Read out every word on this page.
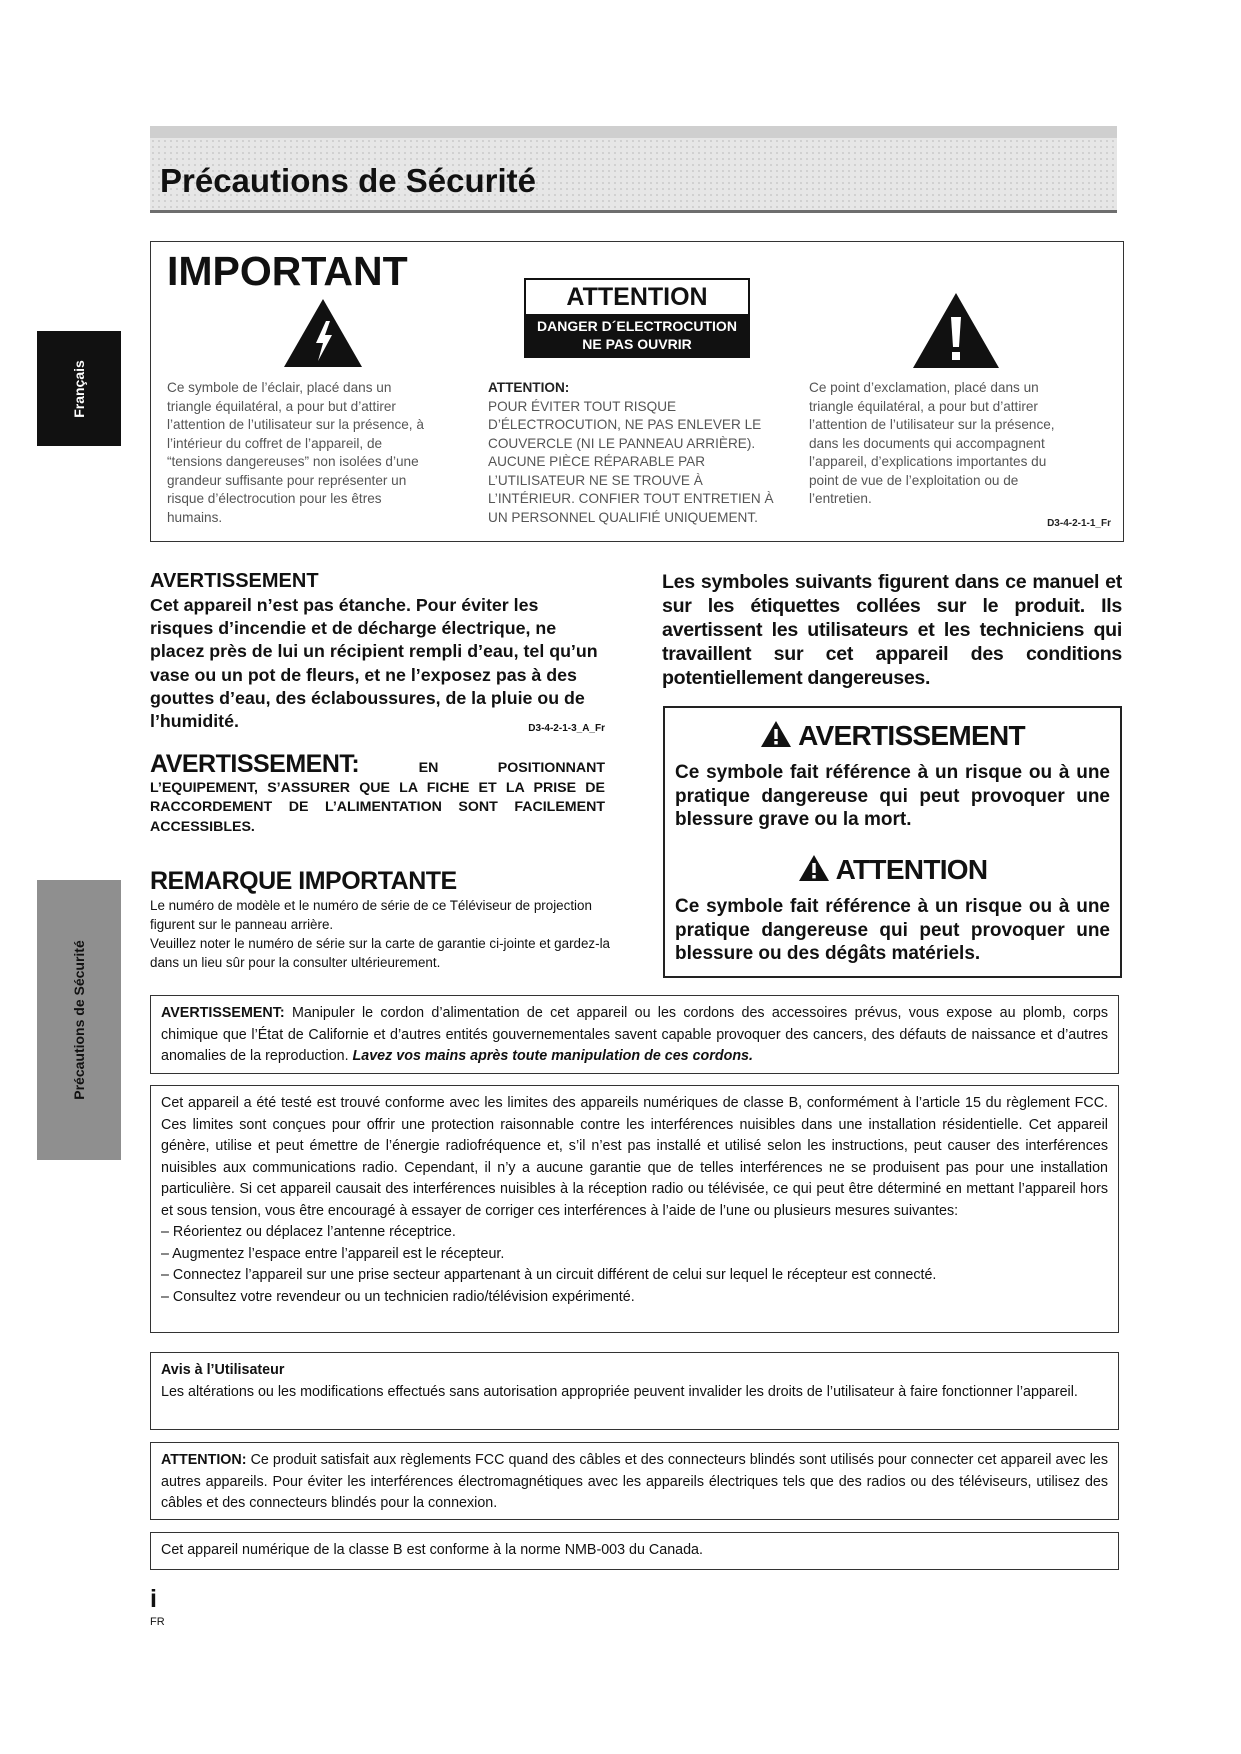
Français
Précautions de Sécurité
Précautions de Sécurité
IMPORTANT
ATTENTION
DANGER D´ELECTROCUTION
NE PAS OUVRIR
Ce symbole de l’éclair, placé dans un
triangle équilatéral, a pour but d’attirer
l’attention de l’utilisateur sur la présence, à
l’intérieur du coffret de l’appareil, de
“tensions dangereuses” non isolées d’une
grandeur suffisante pour représenter un
risque d’électrocution pour les êtres
humains.
ATTENTION:
POUR ÉVITER TOUT RISQUE
D’ÉLECTROCUTION, NE PAS ENLEVER LE
COUVERCLE (NI LE PANNEAU ARRIÈRE).
AUCUNE PIÈCE RÉPARABLE PAR
L’UTILISATEUR NE SE TROUVE À
L’INTÉRIEUR. CONFIER TOUT ENTRETIEN À
UN PERSONNEL QUALIFIÉ UNIQUEMENT.
Ce point d’exclamation, placé dans un
triangle équilatéral, a pour but d’attirer
l’attention de l’utilisateur sur la présence,
dans les documents qui accompagnent
l’appareil, d’explications importantes du
point de vue de l’exploitation ou de
l’entretien.
D3-4-2-1-1_Fr
AVERTISSEMENT
Cet appareil n’est pas étanche. Pour éviter les risques d’incendie et de décharge électrique, ne placez près de lui un récipient rempli d’eau, tel qu’un vase ou un pot de fleurs, et ne l’exposez pas à des gouttes d’eau, des éclaboussures, de la pluie ou de l’humidité.	D3-4-2-1-3_A_Fr
AVERTISSEMENT: EN POSITIONNANT L’EQUIPEMENT, S’ASSURER QUE LA FICHE ET LA PRISE DE RACCORDEMENT DE L’ALIMENTATION SONT FACILEMENT ACCESSIBLES.
REMARQUE IMPORTANTE
Le numéro de modèle et le numéro de série de ce Téléviseur de projection figurent sur le panneau arrière.
Veuillez noter le numéro de série sur la carte de garantie ci-jointe et gardez-la dans un lieu sûr pour la consulter ultérieurement.
Les symboles suivants figurent dans ce manuel et sur les étiquettes collées sur le produit. Ils avertissent les utilisateurs et les techniciens qui travaillent sur cet appareil des conditions potentiellement dangereuses.
AVERTISSEMENT
Ce symbole fait référence à un risque ou à une pratique dangereuse qui peut provoquer une blessure grave ou la mort.
ATTENTION
Ce symbole fait référence à un risque ou à une pratique dangereuse qui peut provoquer une blessure ou des dégâts matériels.

AVERTISSEMENT: Manipuler le cordon d’alimentation de cet appareil ou les cordons des accessoires prévus, vous expose au plomb, corps chimique que l’État de Californie et d’autres entités gouvernementales savent capable provoquer des cancers, des défauts de naissance et d’autres anomalies de la reproduction. Lavez vos mains après toute manipulation de ces cordons.

Cet appareil a été testé est trouvé conforme avec les limites des appareils numériques de classe B, conformément à l’article 15 du règlement FCC. Ces limites sont conçues pour offrir une protection raisonnable contre les interférences nuisibles dans une installation résidentielle. Cet appareil génère, utilise et peut émettre de l’énergie radiofréquence et, s’il n’est pas installé et utilisé selon les instructions, peut causer des interférences nuisibles aux communications radio. Cependant, il n’y a aucune garantie que de telles interférences ne se produisent pas pour une installation particulière. Si cet appareil causait des interférences nuisibles à la réception radio ou télévisée, ce qui peut être déterminé en mettant l’appareil hors et sous tension, vous être encouragé à essayer de corriger ces interférences à l’aide de l’une ou plusieurs mesures suivantes:

– Réorientez ou déplacez l’antenne réceptrice.

– Augmentez l’espace entre l’appareil est le récepteur.

– Connectez l’appareil sur une prise secteur appartenant à un circuit différent de celui sur lequel le récepteur est connecté.

– Consultez votre revendeur ou un technicien radio/télévision expérimenté.

Avis à l’Utilisateur

Les altérations ou les modifications effectués sans autorisation appropriée peuvent invalider les droits de l’utilisateur à faire fonctionner l’appareil.

ATTENTION: Ce produit satisfait aux règlements FCC quand des câbles et des connecteurs blindés sont utilisés pour connecter cet appareil avec les autres appareils. Pour éviter les interférences électromagnétiques avec les appareils électriques tels que des radios ou des téléviseurs, utilisez des câbles et des connecteurs blindés pour la connexion.

Cet appareil numérique de la classe B est conforme à la norme NMB-003 du Canada.

i
FR
